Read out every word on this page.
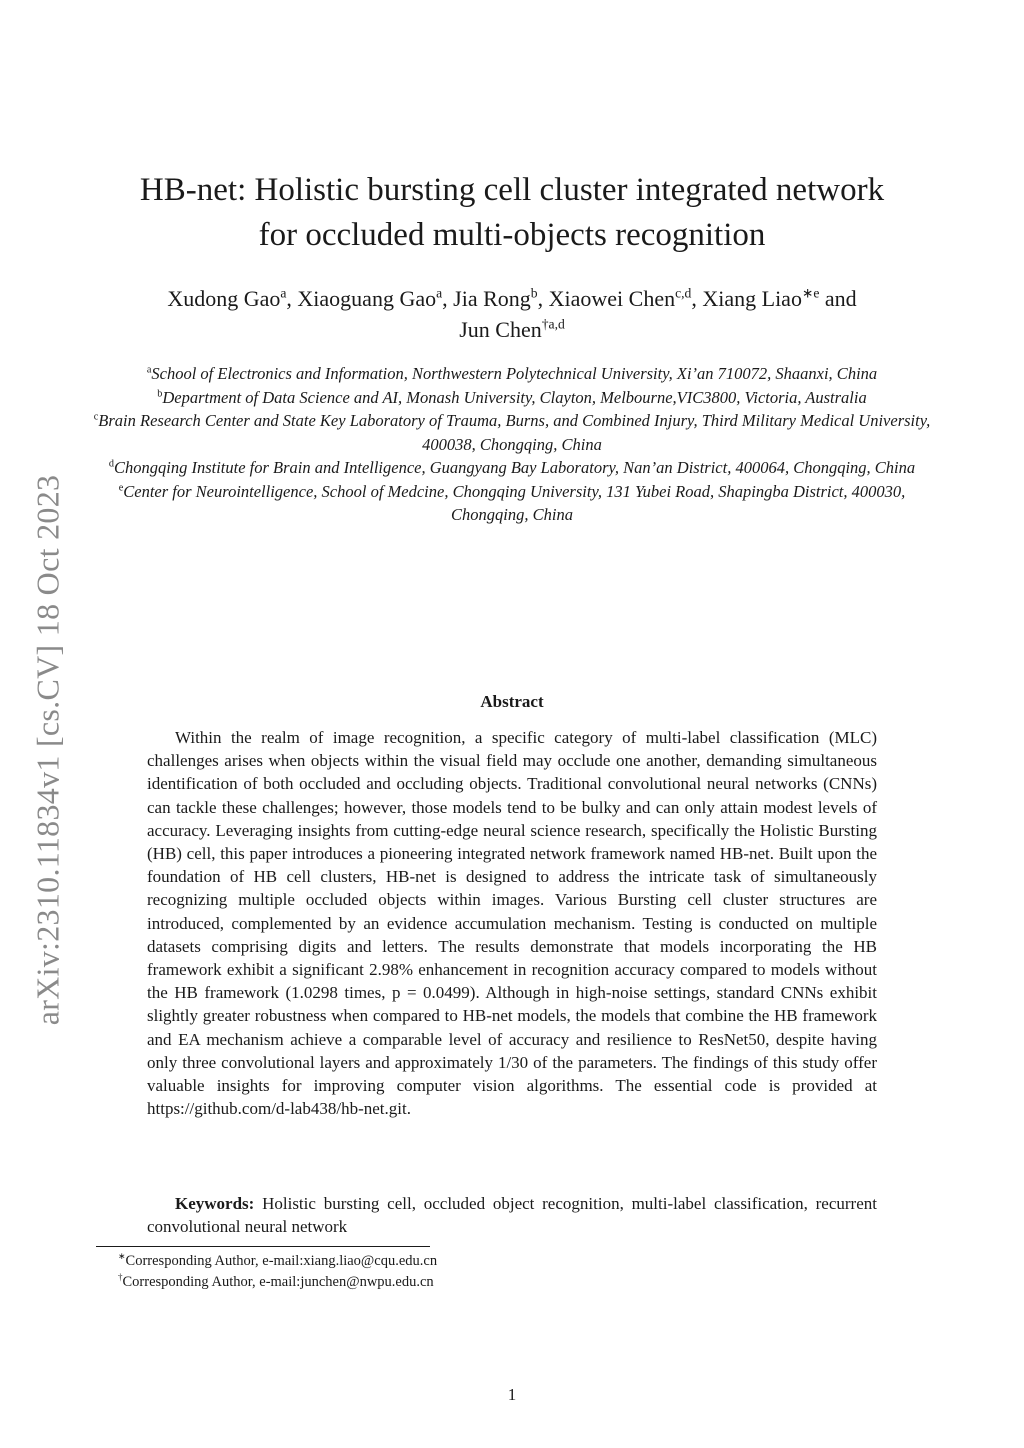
arXiv:2310.11834v1 [cs.CV] 18 Oct 2023
HB-net: Holistic bursting cell cluster integrated network
for occluded multi-objects recognition
Xudong Gao$^a$, Xiaoguang Gao$^a$, Jia Rong$^b$, Xiaowei Chen$^{c,d}$, Xiang Liao$^{∗e}$ and
Jun Chen$^{\dagger a,d}$

$^a$School of Electronics and Information, Northwestern Polytechnical University, Xi’an 710072, Shaanxi, China

$^b$Department of Data Science and AI, Monash University, Clayton, Melbourne,VIC3800, Victoria, Australia

$^c$Brain Research Center and State Key Laboratory of Trauma, Burns, and Combined Injury, Third Military Medical University, 400038, Chongqing, China

$^d$Chongqing Institute for Brain and Intelligence, Guangyang Bay Laboratory, Nan’an District, 400064, Chongqing, China

$^e$Center for Neurointelligence, School of Medcine, Chongqing University, 131 Yubei Road, Shapingba District, 400030, Chongqing, China

Abstract

Within the realm of image recognition, a specific category of multi-label classification (MLC) challenges arises when objects within the visual field may occlude one another, demanding simultaneous identification of both occluded and occluding objects. Traditional convolutional neural networks (CNNs) can tackle these challenges; however, those models tend to be bulky and can only attain modest levels of accuracy. Leveraging insights from cutting-edge neural science research, specifically the Holistic Bursting (HB) cell, this paper introduces a pioneering integrated network framework named HB-net. Built upon the foundation of HB cell clusters, HB-net is designed to address the intricate task of simultaneously recognizing multiple occluded objects within images. Various Bursting cell cluster structures are introduced, complemented by an evidence accumulation mechanism. Testing is conducted on multiple datasets comprising digits and letters. The results demonstrate that models incorporating the HB framework exhibit a significant 2.98% enhancement in recognition accuracy compared to models without the HB framework (1.0298 times, p = 0.0499). Although in high-noise settings, standard CNNs exhibit slightly greater robustness when compared to HB-net models, the models that combine the HB framework and EA mechanism achieve a comparable level of accuracy and resilience to ResNet50, despite having only three convolutional layers and approximately 1/30 of the parameters. The findings of this study offer valuable insights for improving computer vision algorithms. The essential code is provided at https://github.com/d-lab438/hb-net.git.

Keywords: Holistic bursting cell, occluded object recognition, multi-label classification, recurrent convolutional neural network

∗Corresponding Author, e-mail:xiang.liao@cqu.edu.cn

†Corresponding Author, e-mail:junchen@nwpu.edu.cn

1
